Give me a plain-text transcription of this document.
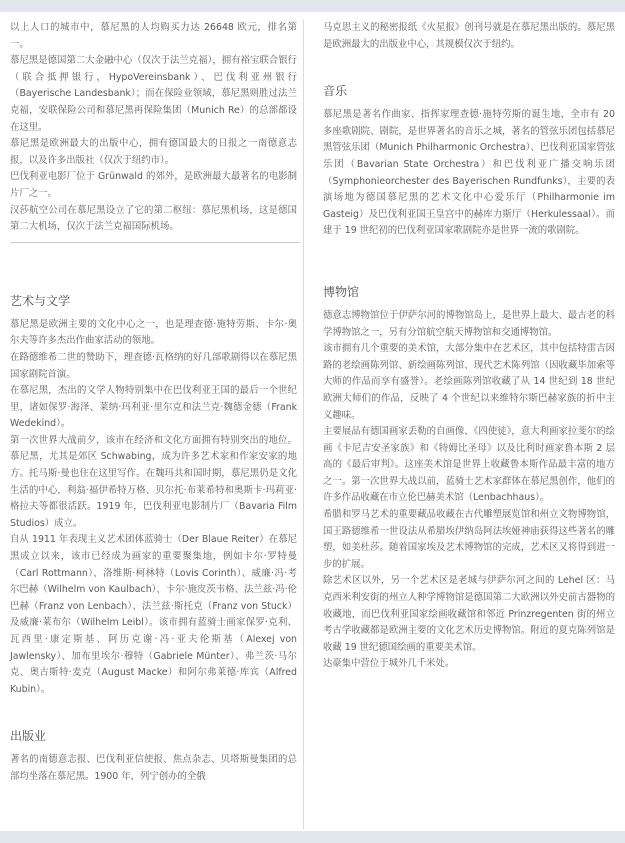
以上人口的城市中，慕尼黑的人均购买力达 26648 欧元，排名第一。

慕尼黑是德国第二大金融中心（仅次于法兰克福），拥有裕宝联合银行（联合抵押银行，HypoVereinsbank）、巴伐利亚州银行（Bayerische Landesbank）；而在保险业领域，慕尼黑则胜过法兰克福，安联保险公司和慕尼黑再保险集团（Munich Re）的总部都设在这里。

慕尼黑是欧洲最大的出版中心，拥有德国最大的日报之一南德意志报，以及许多出版社（仅次于纽约市）。

巴伐利亚电影厂位于 Grünwald 的郊外，是欧洲最大最著名的电影制片厂之一。

汉莎航空公司在慕尼黑设立了它的第二枢纽：慕尼黑机场，这是德国第二大机场，仅次于法兰克福国际机场。

艺术与文学

慕尼黑是欧洲主要的文化中心之一，也是理查德·施特劳斯、卡尔·奥尔夫等许多杰出作曲家活动的领地。

在路德维希二世的赞助下，理查德·瓦格纳的好几部歌剧得以在慕尼黑国家剧院首演。

在慕尼黑，杰出的文学人物特别集中在巴伐利亚王国的最后一个世纪里，诸如保罗·海泽、莱纳·玛利亚·里尔克和法兰克·魏德金德（Frank Wedekind）。

第一次世界大战前夕，该市在经济和文化方面拥有特别突出的地位。慕尼黑，尤其是郊区 Schwabing，成为许多艺术家和作家安家的地方。托马斯·曼也住在这里写作。在魏玛共和国时期，慕尼黑仍是文化生活的中心，利翁·福伊希特万格、贝尔托·布莱希特和奥斯卡·玛莉亚·格拉夫等都很活跃。1919 年，巴伐利亚电影制片厂（Bavaria Film Studios）成立。

自从 1911 年表现主义艺术团体蓝骑士（Der Blaue Reiter）在慕尼黑成立以来，该市已经成为画家的重要聚集地，例如卡尔·罗特曼（Carl Rottmann）、洛维斯·柯林特（Lovis Corinth）、威廉·冯·考尔巴赫（Wilhelm von Kaulbach）、卡尔·施皮茨韦格、法兰兹·冯·伦巴赫（Franz von Lenbach）、法兰兹·斯托克（Franz von Stuck）及威廉·莱布尔（Wilhelm Leibl）。该市拥有蓝骑士画家保罗·克利、瓦西里·康定斯基、阿历克谢·冯·亚夫伦斯基（Alexej von Jawlensky）、加布里埃尔·穆特（Gabriele Münter）、弗兰茨·马尔克、奥古斯特·麦克（August Macke）和阿尔弗莱德·库宾（Alfred Kubin）。

出版业

著名的南德意志报、巴伐利亚信使报、焦点杂志、贝塔斯曼集团的总部均坐落在慕尼黑。1900 年，列宁创办的全俄

马克思主义的秘密报纸《火星报》创刊号就是在慕尼黑出版的。慕尼黑是欧洲最大的出版业中心，其规模仅次于纽约。

音乐

慕尼黑是著名作曲家、指挥家理查德·施特劳斯的诞生地，全市有 20 多座歌剧院、剧院，是世界著名的音乐之城，著名的管弦乐团包括慕尼黑管弦乐团（Munich Philharmonic Orchestra）、巴伐利亚国家管弦乐团（Bavarian State Orchestra）和巴伐利亚广播交响乐团（Symphonieorchester des Bayerischen Rundfunks），主要的表演场地为德国慕尼黑的艺术文化中心爱乐厅（Philharmonie im Gasteig）及巴伐利亚国王皇宫中的赫库力斯厅（Herkulessaal）。而建于 19 世纪初的巴伐利亚国家歌剧院亦是世界一流的歌剧院。

博物馆

德意志博物馆位于伊萨尔河的博物馆岛上，是世界上最大、最古老的科学博物馆之一，另有分馆航空航天博物馆和交通博物馆。

该市拥有几个重要的美术馆，大部分集中在艺术区，其中包括特雷吉因路的老绘画陈列馆、新绘画陈列馆、现代艺术陈列馆（因收藏毕加索等大师的作品而享有盛誉）。老绘画陈列馆收藏了从 14 世纪到 18 世纪欧洲大师们的作品，反映了 4 个世纪以来维特尔斯巴赫家族的折中主义趣味。

主要展品有德国画家丢勒的自画像、《四使徒》，意大利画家拉斐尔的绘画《卡尼吉安圣家族》和《特姆比圣母》以及比利时画家鲁本斯 2 层高的《最后审判》。这座美术馆是世界上收藏鲁本斯作品最丰富的地方之一。第一次世界大战以前，蓝骑士艺术家群体在慕尼黑创作，他们的许多作品收藏在市立伦巴赫美术馆（Lenbachhaus）。

希腊和罗马艺术的重要藏品收藏在古代雕塑展览馆和州立文物博物馆，国王路德维希一世设法从希腊埃伊纳岛阿法埃娅神庙获得这些著名的雕塑，如美杜莎。随着国家埃及艺术博物馆的完成，艺术区又将得到进一步的扩展。

除艺术区以外，另一个艺术区是老城与伊萨尔河之间的 Lehel 区：马克西米利安街的州立人种学博物馆是德国第二大欧洲以外史前古器物的收藏地，而巴伐利亚国家绘画收藏馆和邻近 Prinzregenten 街的州立考古学收藏都是欧洲主要的文化艺术历史博物馆。附近的夏克陈列馆是收藏 19 世纪德国绘画的重要美术馆。

达豪集中营位于城外几千米处。
